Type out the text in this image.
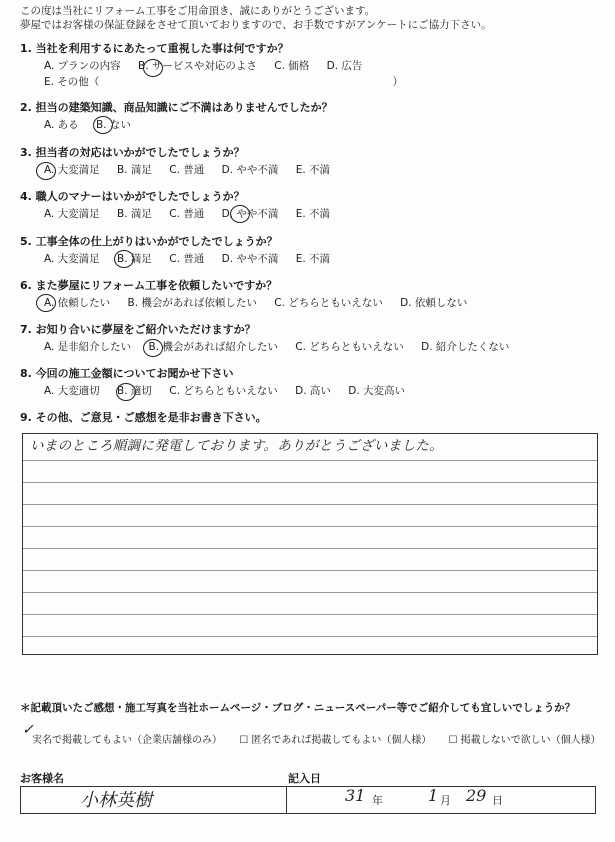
この度は当社にリフォーム工事をご用命頂き、誠にありがとうございます。
夢屋ではお客様の保証登録をさせて頂いておりますので、お手数ですがアンケートにご協力下さい。
1. 当社を利用するにあたって重視した事は何ですか？
A. プランの内容 B. サービスや対応のよさ C. 価格 D. 広告
E. その他（	）
2. 担当の建築知識、商品知識にご不満はありませんでしたか？
A. ある B. ない
3. 担当者の対応はいかがでしたでしょうか？
A. 大変満足 B. 満足 C. 普通 D. やや不満 E. 不満
4. 職人のマナーはいかがでしたでしょうか？
A. 大変満足 B. 満足 C. 普通 D. やや不満 E. 不満
5. 工事全体の仕上がりはいかがでしたでしょうか？
A. 大変満足 B. 満足 C. 普通 D. やや不満 E. 不満
6. また夢屋にリフォーム工事を依頼したいですか？
A. 依頼したい B. 機会があれば依頼したい C. どちらともいえない D. 依頼しない
7. お知り合いに夢屋をご紹介いただけますか？
A. 是非紹介したい B. 機会があれば紹介したい C. どちらともいえない D. 紹介したくない
8. 今回の施工金額についてお聞かせ下さい
A. 大変適切 B. 適切 C. どちらともいえない D. 高い D. 大変高い
9. その他、ご意見・ご感想を是非お書き下さい。
いまのところ順調に発電しております。ありがとうございました。
＊記載頂いたご感想・施工写真を当社ホームページ・ブログ・ニュースペーパー等でご紹介しても宜しいでしょうか？
実名で掲載してもよい（企業店舗様のみ） ☐ 匿名であれば掲載してもよい（個人様） ☐ 掲載しないで欲しい（個人様）
✓
お客様名	記入日
小林英樹	31 年	1 月 29 日
